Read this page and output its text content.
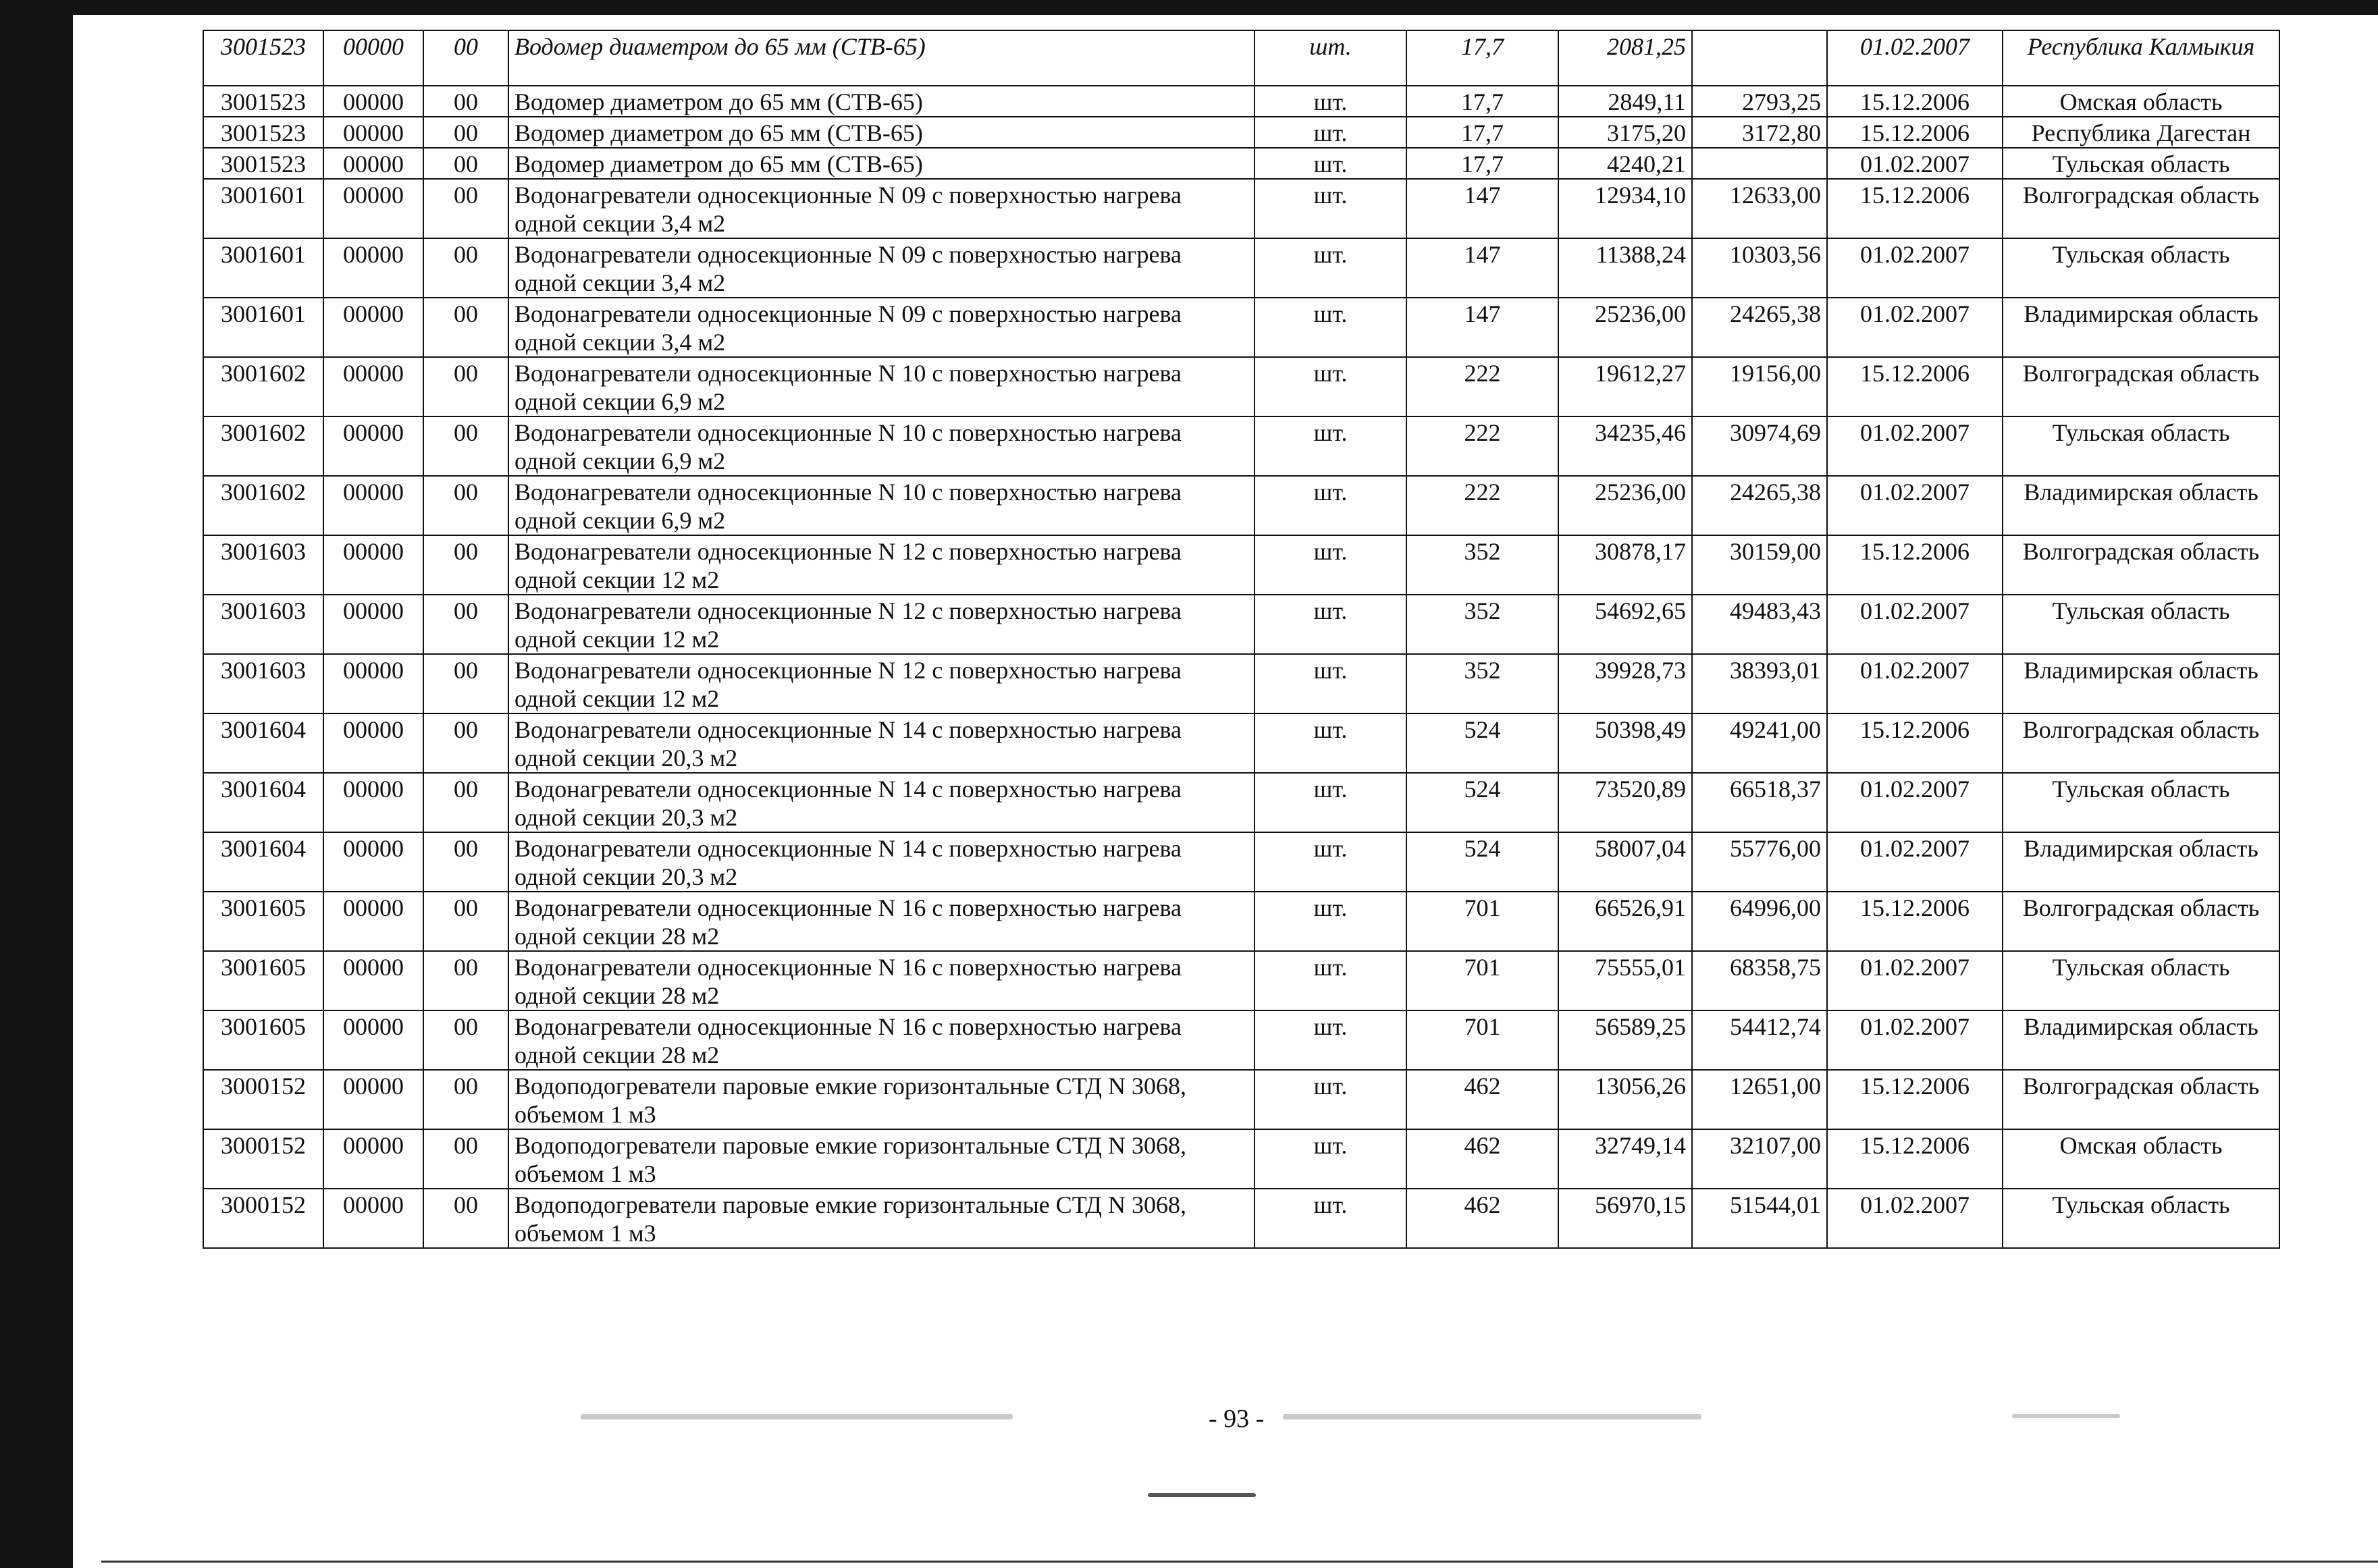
3001523	00000	00	Водомер диаметром до 65 мм (СТВ-65)	шт.	17,7	2081,25		01.02.2007	Республика Калмыкия
3001523	00000	00	Водомер диаметром до 65 мм (СТВ-65)	шт.	17,7	2849,11	2793,25	15.12.2006	Омская область
3001523	00000	00	Водомер диаметром до 65 мм (СТВ-65)	шт.	17,7	3175,20	3172,80	15.12.2006	Республика Дагестан
3001523	00000	00	Водомер диаметром до 65 мм (СТВ-65)	шт.	17,7	4240,21		01.02.2007	Тульская область
3001601	00000	00	Водонагреватели односекционные N 09 с поверхностью нагрева одной секции 3,4 м2	шт.	147	12934,10	12633,00	15.12.2006	Волгоградская область
3001601	00000	00	Водонагреватели односекционные N 09 с поверхностью нагрева одной секции 3,4 м2	шт.	147	11388,24	10303,56	01.02.2007	Тульская область
3001601	00000	00	Водонагреватели односекционные N 09 с поверхностью нагрева одной секции 3,4 м2	шт.	147	25236,00	24265,38	01.02.2007	Владимирская область
3001602	00000	00	Водонагреватели односекционные N 10 с поверхностью нагрева одной секции 6,9 м2	шт.	222	19612,27	19156,00	15.12.2006	Волгоградская область
3001602	00000	00	Водонагреватели односекционные N 10 с поверхностью нагрева одной секции 6,9 м2	шт.	222	34235,46	30974,69	01.02.2007	Тульская область
3001602	00000	00	Водонагреватели односекционные N 10 с поверхностью нагрева одной секции 6,9 м2	шт.	222	25236,00	24265,38	01.02.2007	Владимирская область
3001603	00000	00	Водонагреватели односекционные N 12 с поверхностью нагрева одной секции 12 м2	шт.	352	30878,17	30159,00	15.12.2006	Волгоградская область
3001603	00000	00	Водонагреватели односекционные N 12 с поверхностью нагрева одной секции 12 м2	шт.	352	54692,65	49483,43	01.02.2007	Тульская область
3001603	00000	00	Водонагреватели односекционные N 12 с поверхностью нагрева одной секции 12 м2	шт.	352	39928,73	38393,01	01.02.2007	Владимирская область
3001604	00000	00	Водонагреватели односекционные N 14 с поверхностью нагрева одной секции 20,3 м2	шт.	524	50398,49	49241,00	15.12.2006	Волгоградская область
3001604	00000	00	Водонагреватели односекционные N 14 с поверхностью нагрева одной секции 20,3 м2	шт.	524	73520,89	66518,37	01.02.2007	Тульская область
3001604	00000	00	Водонагреватели односекционные N 14 с поверхностью нагрева одной секции 20,3 м2	шт.	524	58007,04	55776,00	01.02.2007	Владимирская область
3001605	00000	00	Водонагреватели односекционные N 16 с поверхностью нагрева одной секции 28 м2	шт.	701	66526,91	64996,00	15.12.2006	Волгоградская область
3001605	00000	00	Водонагреватели односекционные N 16 с поверхностью нагрева одной секции 28 м2	шт.	701	75555,01	68358,75	01.02.2007	Тульская область
3001605	00000	00	Водонагреватели односекционные N 16 с поверхностью нагрева одной секции 28 м2	шт.	701	56589,25	54412,74	01.02.2007	Владимирская область
3000152	00000	00	Водоподогреватели паровые емкие горизонтальные СТД N 3068, объемом 1 м3	шт.	462	13056,26	12651,00	15.12.2006	Волгоградская область
3000152	00000	00	Водоподогреватели паровые емкие горизонтальные СТД N 3068, объемом 1 м3	шт.	462	32749,14	32107,00	15.12.2006	Омская область
3000152	00000	00	Водоподогреватели паровые емкие горизонтальные СТД N 3068, объемом 1 м3	шт.	462	56970,15	51544,01	01.02.2007	Тульская область
- 93 -
